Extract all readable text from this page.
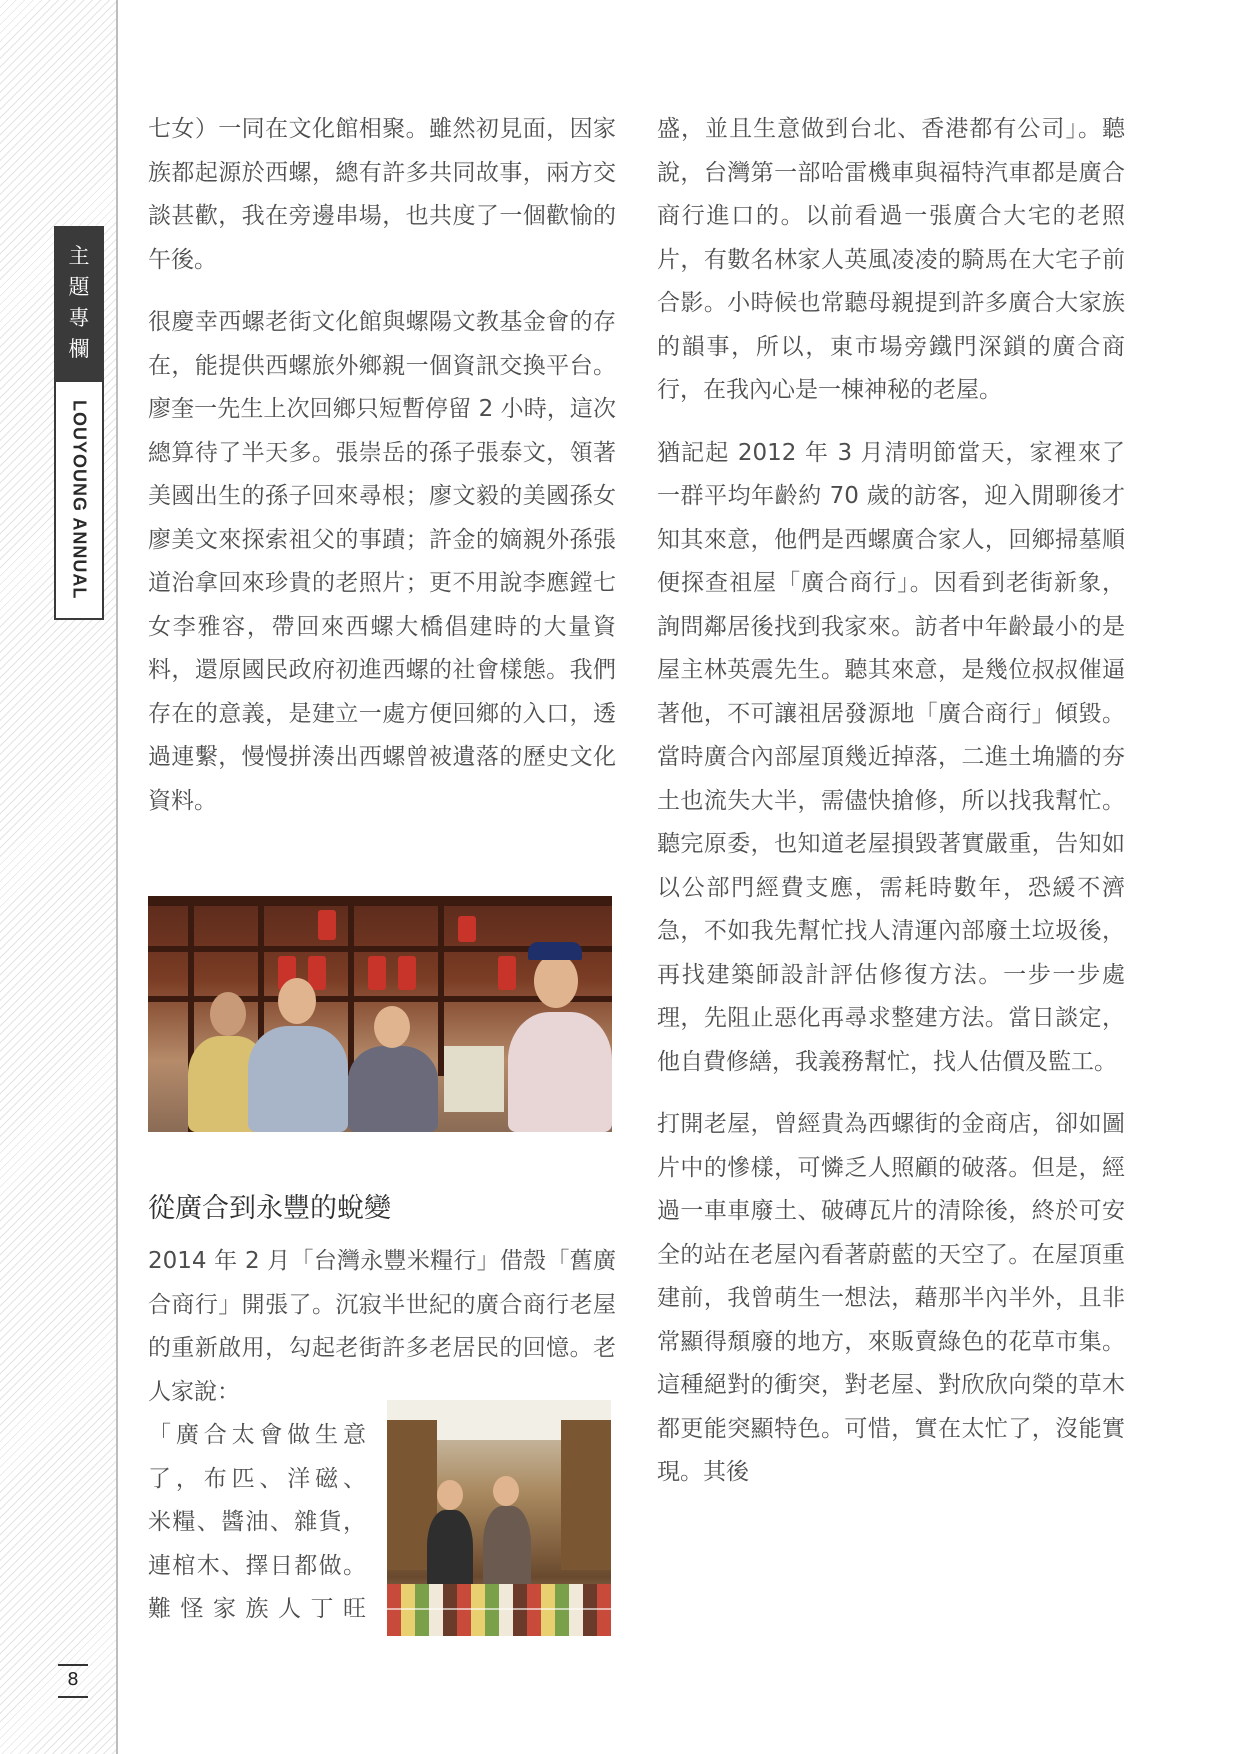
主
題
專
欄
LOUYOUNG ANNUAL
8

七女）一同在文化館相聚。雖然初見面，因家族都起源於西螺，總有許多共同故事，兩方交談甚歡，我在旁邊串場，也共度了一個歡愉的午後。

很慶幸西螺老街文化館與螺陽文教基金會的存在，能提供西螺旅外鄉親一個資訊交換平台。廖奎一先生上次回鄉只短暫停留 2 小時，這次總算待了半天多。張崇岳的孫子張泰文，領著美國出生的孫子回來尋根；廖文毅的美國孫女廖美文來探索祖父的事蹟；許金的嫡親外孫張道治拿回來珍貴的老照片；更不用說李應鏜七女李雅容，帶回來西螺大橋倡建時的大量資料，還原國民政府初進西螺的社會樣態。我們存在的意義，是建立一處方便回鄉的入口，透過連繫，慢慢拼湊出西螺曾被遺落的歷史文化資料。

從廣合到永豐的蛻變

2014 年 2 月「台灣永豐米糧行」借殼「舊廣合商行」開張了。沉寂半世紀的廣合商行老屋的重新啟用，勾起老街許多老居民的回憶。老人家說：

「廣合太會做生意
了，布匹、洋磁、
米糧、醬油、雜貨，
連棺木、擇日都做。
難怪家族人丁旺

盛，並且生意做到台北、香港都有公司」。聽說，台灣第一部哈雷機車與福特汽車都是廣合商行進口的。以前看過一張廣合大宅的老照片，有數名林家人英風凌凌的騎馬在大宅子前合影。小時候也常聽母親提到許多廣合大家族的韻事，所以，東市場旁鐵門深鎖的廣合商行，在我內心是一棟神秘的老屋。

猶記起 2012 年 3 月清明節當天，家裡來了一群平均年齡約 70 歲的訪客，迎入閒聊後才知其來意，他們是西螺廣合家人，回鄉掃墓順便探查祖屋「廣合商行」。因看到老街新象，詢問鄰居後找到我家來。訪者中年齡最小的是屋主林英震先生。聽其來意，是幾位叔叔催逼著他，不可讓祖居發源地「廣合商行」傾毀。當時廣合內部屋頂幾近掉落，二進土埆牆的夯土也流失大半，需儘快搶修，所以找我幫忙。聽完原委，也知道老屋損毀著實嚴重，告知如以公部門經費支應，需耗時數年，恐緩不濟急，不如我先幫忙找人清運內部廢土垃圾後，再找建築師設計評估修復方法。一步一步處理，先阻止惡化再尋求整建方法。當日談定，他自費修繕，我義務幫忙，找人估價及監工。

打開老屋，曾經貴為西螺街的金商店，卻如圖片中的慘樣，可憐乏人照顧的破落。但是，經過一車車廢土、破磚瓦片的清除後，終於可安全的站在老屋內看著蔚藍的天空了。在屋頂重建前，我曾萌生一想法，藉那半內半外，且非常顯得頹廢的地方，來販賣綠色的花草市集。這種絕對的衝突，對老屋、對欣欣向榮的草木都更能突顯特色。可惜，實在太忙了，沒能實現。其後
